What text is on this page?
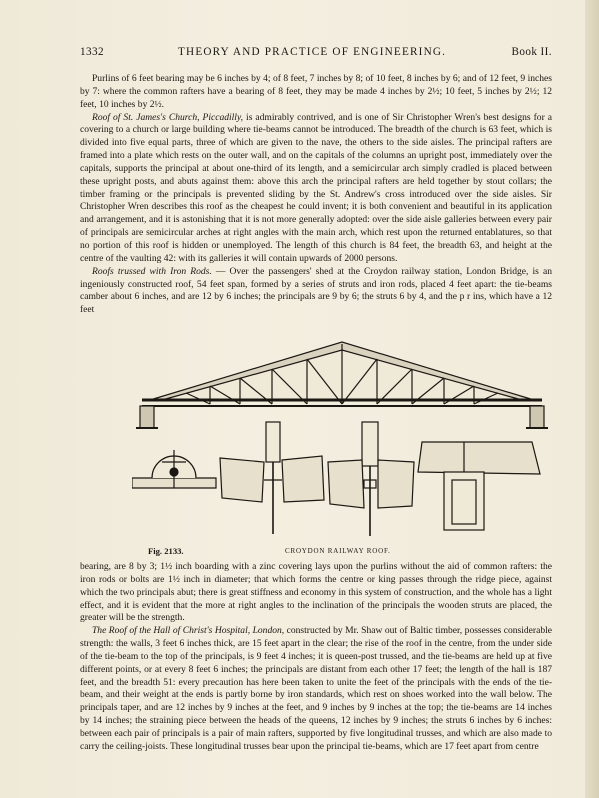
1332	THEORY AND PRACTICE OF ENGINEERING.	Book II.

Purlins of 6 feet bearing may be 6 inches by 4; of 8 feet, 7 inches by 8; of 10 feet, 8 inches by 6; and of 12 feet, 9 inches by 7: where the common rafters have a bearing of 8 feet, they may be made 4 inches by 2½; 10 feet, 5 inches by 2½; 12 feet, 10 inches by 2½.

Roof of St. James's Church, Piccadilly, is admirably contrived, and is one of Sir Christopher Wren's best designs for a covering to a church or large building where tie-beams cannot be introduced. The breadth of the church is 63 feet, which is divided into five equal parts, three of which are given to the nave, the others to the side aisles. The principal rafters are framed into a plate which rests on the outer wall, and on the capitals of the columns an upright post, immediately over the capitals, supports the principal at about one-third of its length, and a semicircular arch simply cradled is placed between these upright posts, and abuts against them: above this arch the principal rafters are held together by stout collars; the timber framing or the principals is prevented sliding by the St. Andrew's cross introduced over the side aisles. Sir Christopher Wren describes this roof as the cheapest he could invent; it is both convenient and beautiful in its application and arrangement, and it is astonishing that it is not more generally adopted: over the side aisle galleries between every pair of principals are semicircular arches at right angles with the main arch, which rest upon the returned entablatures, so that no portion of this roof is hidden or unemployed. The length of this church is 84 feet, the breadth 63, and height at the centre of the vaulting 42: with its galleries it will contain upwards of 2000 persons.

Roofs trussed with Iron Rods. — Over the passengers' shed at the Croydon railway station, London Bridge, is an ingeniously constructed roof, 54 feet span, formed by a series of struts and iron rods, placed 4 feet apart: the tie-beams camber about 6 inches, and are 12 by 6 inches; the principals are 9 by 6; the struts 6 by 4, and the p r ins, which have a 12 feet

Fig. 2133.	CROYDON RAILWAY ROOF.

bearing, are 8 by 3; 1½ inch boarding with a zinc covering lays upon the purlins without the aid of common rafters: the iron rods or bolts are 1½ inch in diameter; that which forms the centre or king passes through the ridge piece, against which the two principals abut; there is great stiffness and economy in this system of construction, and the whole has a light effect, and it is evident that the more at right angles to the inclination of the principals the wooden struts are placed, the greater will be the strength.

The Roof of the Hall of Christ's Hospital, London, constructed by Mr. Shaw out of Baltic timber, possesses considerable strength: the walls, 3 feet 6 inches thick, are 15 feet apart in the clear; the rise of the roof in the centre, from the under side of the tie-beam to the top of the principals, is 9 feet 4 inches; it is queen-post trussed, and the tie-beams are held up at five different points, or at every 8 feet 6 inches; the principals are distant from each other 17 feet; the length of the hall is 187 feet, and the breadth 51: every precaution has here been taken to unite the feet of the principals with the ends of the tie-beam, and their weight at the ends is partly borne by iron standards, which rest on shoes worked into the wall below. The principals taper, and are 12 inches by 9 inches at the feet, and 9 inches by 9 inches at the top; the tie-beams are 14 inches by 14 inches; the straining piece between the heads of the queens, 12 inches by 9 inches; the struts 6 inches by 6 inches: between each pair of principals is a pair of main rafters, supported by five longitudinal trusses, and which are also made to carry the ceiling-joists. These longitudinal trusses bear upon the principal tie-beams, which are 17 feet apart from centre
